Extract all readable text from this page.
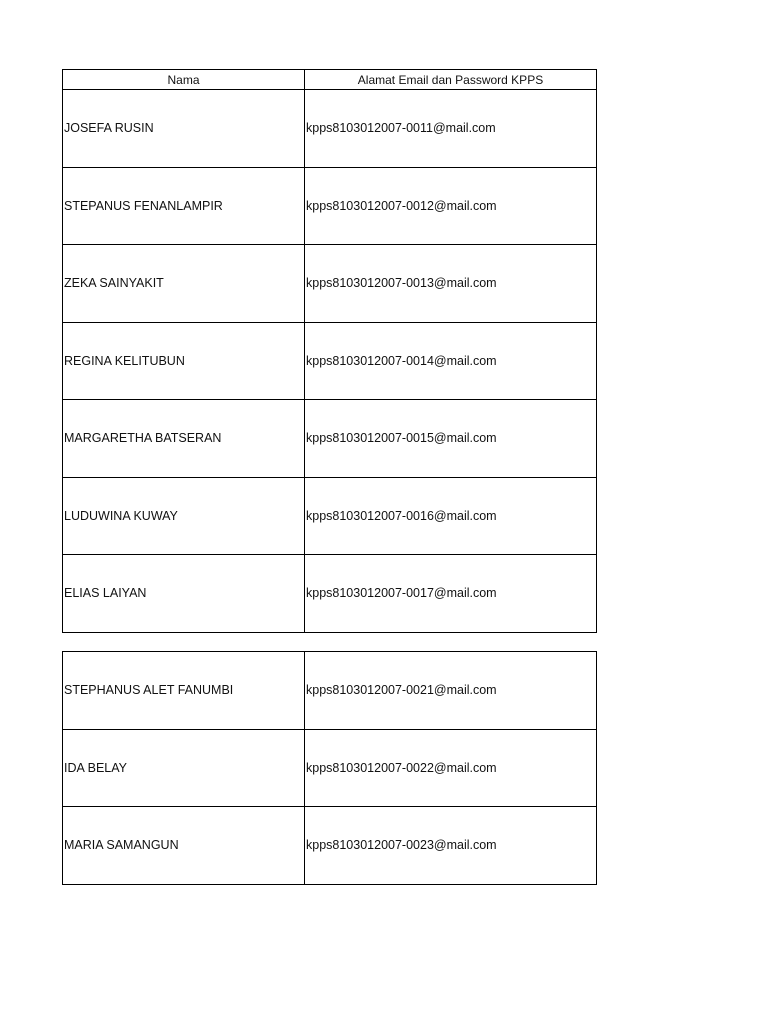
Nama	Alamat Email dan Password KPPS
JOSEFA RUSIN	kpps8103012007-0011@mail.com
STEPANUS FENANLAMPIR	kpps8103012007-0012@mail.com
ZEKA SAINYAKIT	kpps8103012007-0013@mail.com
REGINA KELITUBUN	kpps8103012007-0014@mail.com
MARGARETHA BATSERAN	kpps8103012007-0015@mail.com
LUDUWINA KUWAY	kpps8103012007-0016@mail.com
ELIAS LAIYAN	kpps8103012007-0017@mail.com
STEPHANUS ALET FANUMBI	kpps8103012007-0021@mail.com
IDA BELAY	kpps8103012007-0022@mail.com
MARIA SAMANGUN	kpps8103012007-0023@mail.com
